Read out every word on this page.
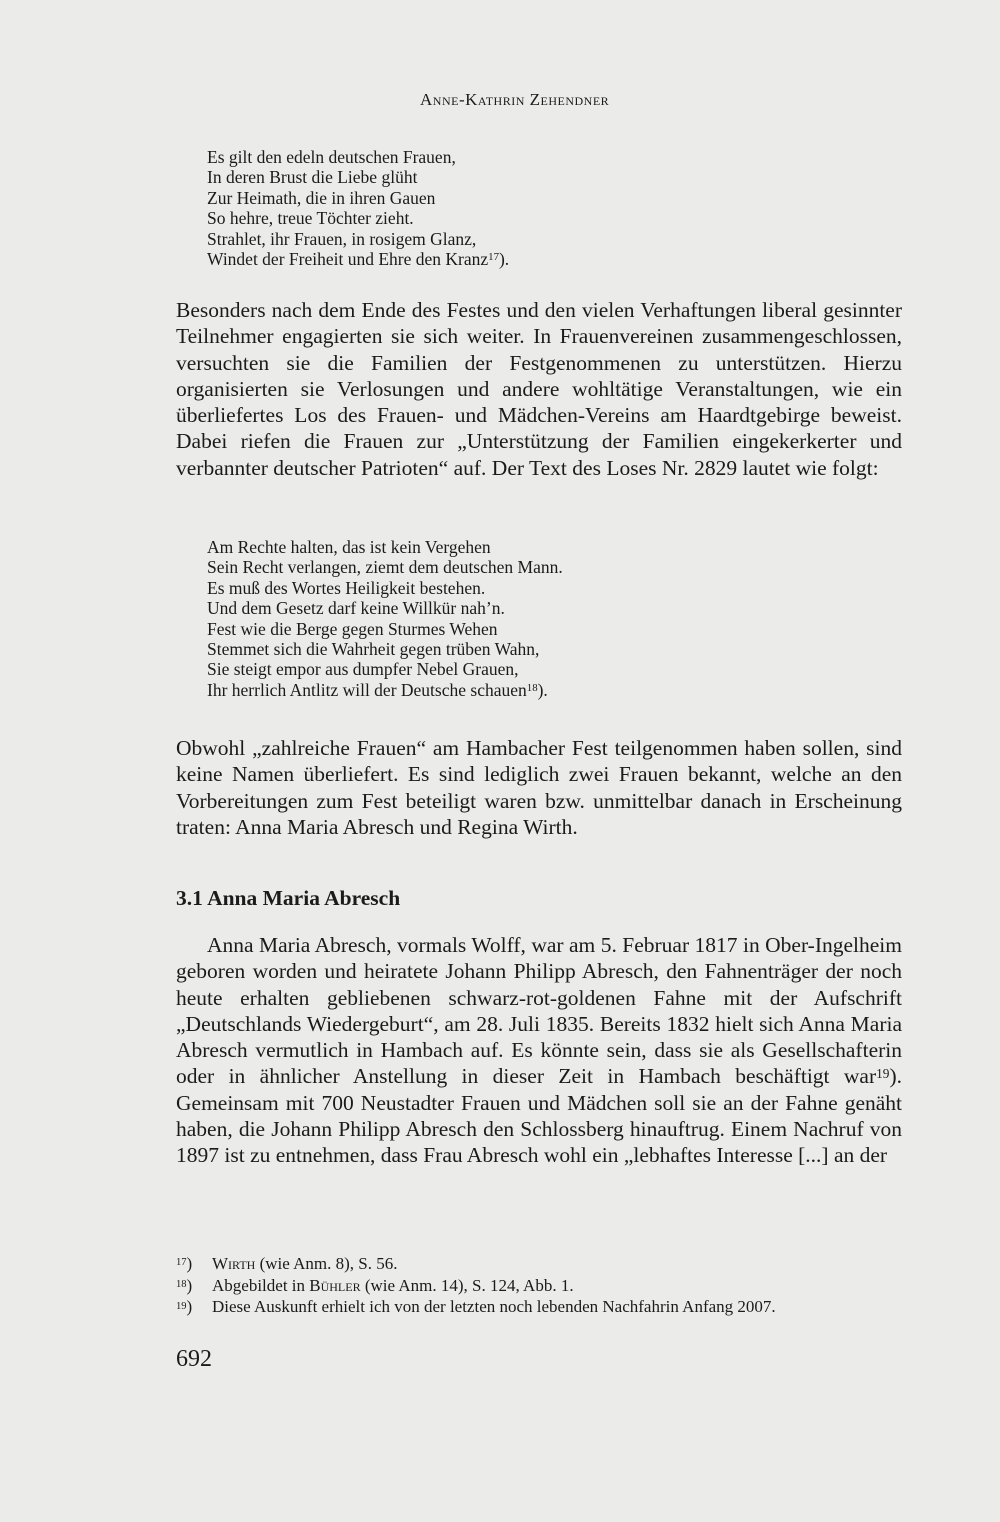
Anne-Kathrin Zehendner
Es gilt den edeln deutschen Frauen,
In deren Brust die Liebe glüht
Zur Heimath, die in ihren Gauen
So hehre, treue Töchter zieht.
Strahlet, ihr Frauen, in rosigem Glanz,
Windet der Freiheit und Ehre den Kranz$^{17}$).
Besonders nach dem Ende des Festes und den vielen Verhaftungen liberal gesinnter Teilnehmer engagierten sie sich weiter. In Frauenvereinen zusammengeschlossen, versuchten sie die Familien der Festgenommenen zu unterstützen. Hierzu organisierten sie Verlosungen und andere wohltätige Veranstaltungen, wie ein überliefertes Los des Frauen- und Mädchen-Vereins am Haardtgebirge beweist. Dabei riefen die Frauen zur „Unterstützung der Familien eingekerkerter und verbannter deutscher Patrioten“ auf. Der Text des Loses Nr. 2829 lautet wie folgt:
Am Rechte halten, das ist kein Vergehen
Sein Recht verlangen, ziemt dem deutschen Mann.
Es muß des Wortes Heiligkeit bestehen.
Und dem Gesetz darf keine Willkür nah’n.
Fest wie die Berge gegen Sturmes Wehen
Stemmet sich die Wahrheit gegen trüben Wahn,
Sie steigt empor aus dumpfer Nebel Grauen,
Ihr herrlich Antlitz will der Deutsche schauen$^{18}$).
Obwohl „zahlreiche Frauen“ am Hambacher Fest teilgenommen haben sollen, sind keine Namen überliefert. Es sind lediglich zwei Frauen bekannt, welche an den Vorbereitungen zum Fest beteiligt waren bzw. unmittelbar danach in Erscheinung traten: Anna Maria Abresch und Regina Wirth.
3.1 Anna Maria Abresch
Anna Maria Abresch, vormals Wolff, war am 5. Februar 1817 in Ober-Ingelheim geboren worden und heiratete Johann Philipp Abresch, den Fahnenträger der noch heute erhalten gebliebenen schwarz-rot-goldenen Fahne mit der Aufschrift „Deutschlands Wiedergeburt“, am 28. Juli 1835. Bereits 1832 hielt sich Anna Maria Abresch vermutlich in Hambach auf. Es könnte sein, dass sie als Gesellschafterin oder in ähnlicher Anstellung in dieser Zeit in Hambach beschäftigt war$^{19}$). Gemeinsam mit 700 Neustadter Frauen und Mädchen soll sie an der Fahne genäht haben, die Johann Philipp Abresch den Schlossberg hinauftrug. Einem Nachruf von 1897 ist zu entnehmen, dass Frau Abresch wohl ein „lebhaftes Interesse [...] an der
$^{17}$) Wirth (wie Anm. 8), S. 56.
$^{18}$) Abgebildet in Bühler (wie Anm. 14), S. 124, Abb. 1.
$^{19}$) Diese Auskunft erhielt ich von der letzten noch lebenden Nachfahrin Anfang 2007.
692
